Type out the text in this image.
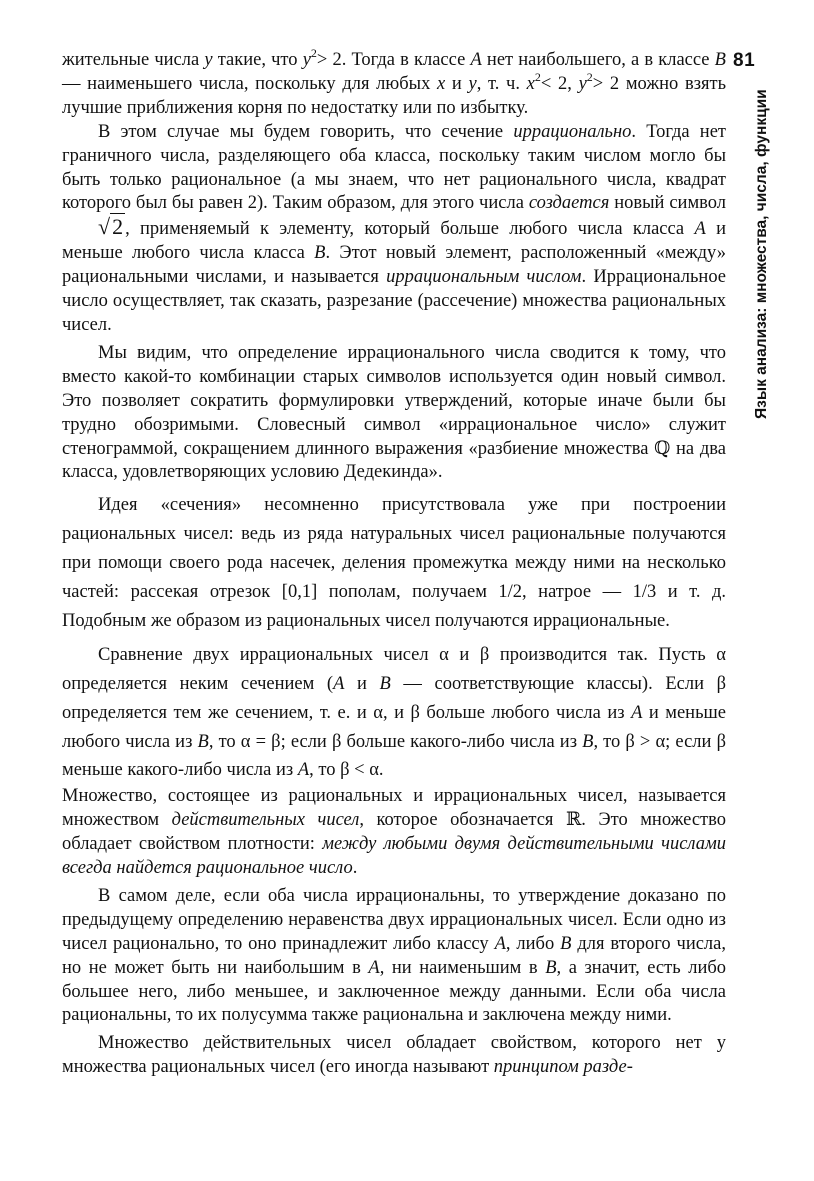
81
Язык анализа: множества, числа, функции

жительные числа y такие, что $y^2> 2$. Тогда в классе A нет наибольшего, а в классе B — наименьшего числа, поскольку для любых x и y, т. ч. $x^2< 2$, $y^2> 2$ можно взять лучшие приближения корня по недостатку или по избытку.

В этом случае мы будем говорить, что сечение иррационально. Тогда нет граничного числа, разделяющего оба класса, поскольку таким числом могло бы быть только рациональное (а мы знаем, что нет рационального числа, квадрат которого был бы равен 2). Таким образом, для этого числа создается новый символ √2 , применяемый к элементу, который больше любого числа класса A и меньше любого числа класса B. Этот новый элемент, расположенный «между» рациональными числами, и называется иррациональным числом. Иррациональное число осуществляет, так сказать, разрезание (рассечение) множества рациональных чисел.

Мы видим, что определение иррационального числа сводится к тому, что вместо какой-то комбинации старых символов используется один новый символ. Это позволяет сократить формулировки утверждений, которые иначе были бы трудно обозримыми. Словесный символ «иррациональное число» служит стенограммой, сокращением длинного выражения «разбиение множества ℚ на два класса, удовлетворяющих условию Дедекинда».

Идея «сечения» несомненно присутствовала уже при построении рациональных чисел: ведь из ряда натуральных чисел рациональные получаются при помощи своего рода насечек, деления промежутка между ними на несколько частей: рассекая отрезок [0,1] пополам, получаем 1/2, натрое — 1/3 и т. д. Подобным же образом из рациональных чисел получаются иррациональные.

Сравнение двух иррациональных чисел α и β производится так. Пусть α определяется неким сечением (A и B — соответствующие классы). Если β определяется тем же сечением, т. е. и α, и β больше любого числа из A и меньше любого числа из B, то α = β; если β больше какого-либо числа из B, то β > α; если β меньше какого-либо числа из A, то β < α.

Множество, состоящее из рациональных и иррациональных чисел, называется множеством действительных чисел, которое обозначается ℝ. Это множество обладает свойством плотности: между любыми двумя действительными числами всегда найдется рациональное число.

В самом деле, если оба числа иррациональны, то утверждение доказано по предыдущему определению неравенства двух иррациональных чисел. Если одно из чисел рационально, то оно принадлежит либо классу A, либо B для второго числа, но не может быть ни наибольшим в A, ни наименьшим в B, а значит, есть либо большее него, либо меньшее, и заключенное между данными. Если оба числа рациональны, то их полусумма также рациональна и заключена между ними.

Множество действительных чисел обладает свойством, которого нет у множества рациональных чисел (его иногда называют принципом разде-
